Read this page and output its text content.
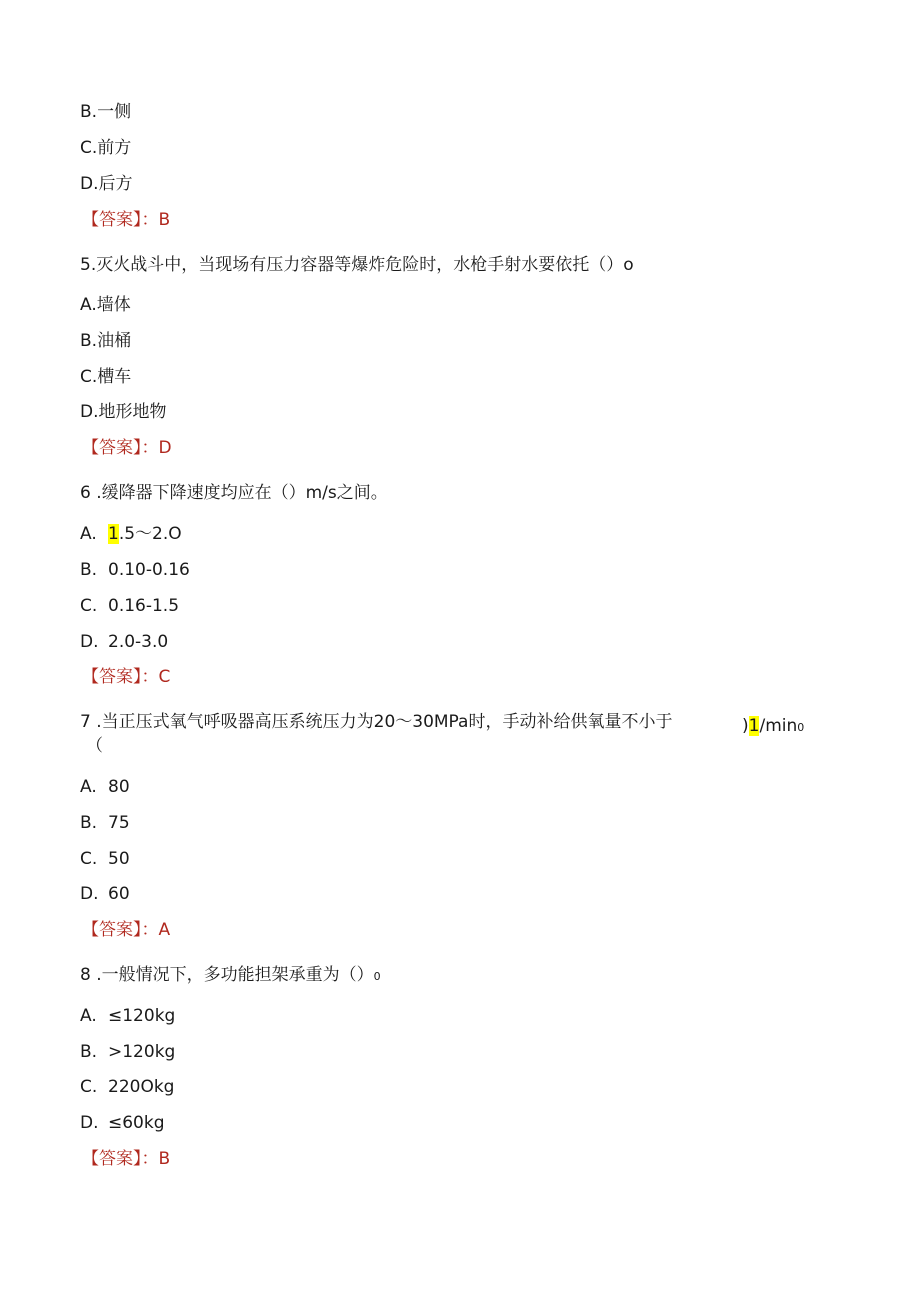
B.一侧
C.前方
D.后方
【答案】：B
5.灭火战斗中，当现场有压力容器等爆炸危险时，水枪手射水要依托（）o
A.墙体
B.油桶
C.槽车
D.地形地物
【答案】：D
6 .缓降器下降速度均应在（）m/s之间。
A. 1.5〜2.O
B. 0.10-0.16
C. 0.16-1.5
D. 2.0-3.0
【答案】：C
7 .当正压式氧气呼吸器高压系统压力为20〜30MPa时，手动补给供氧量不小于	)1/min0
（
A. 80
B. 75
C. 50
D. 60
【答案】：A
8 .一般情况下，多功能担架承重为（）0
A. ≤120kg
B. >120kg
C. 220Okg
D. ≤60kg
【答案】：B
